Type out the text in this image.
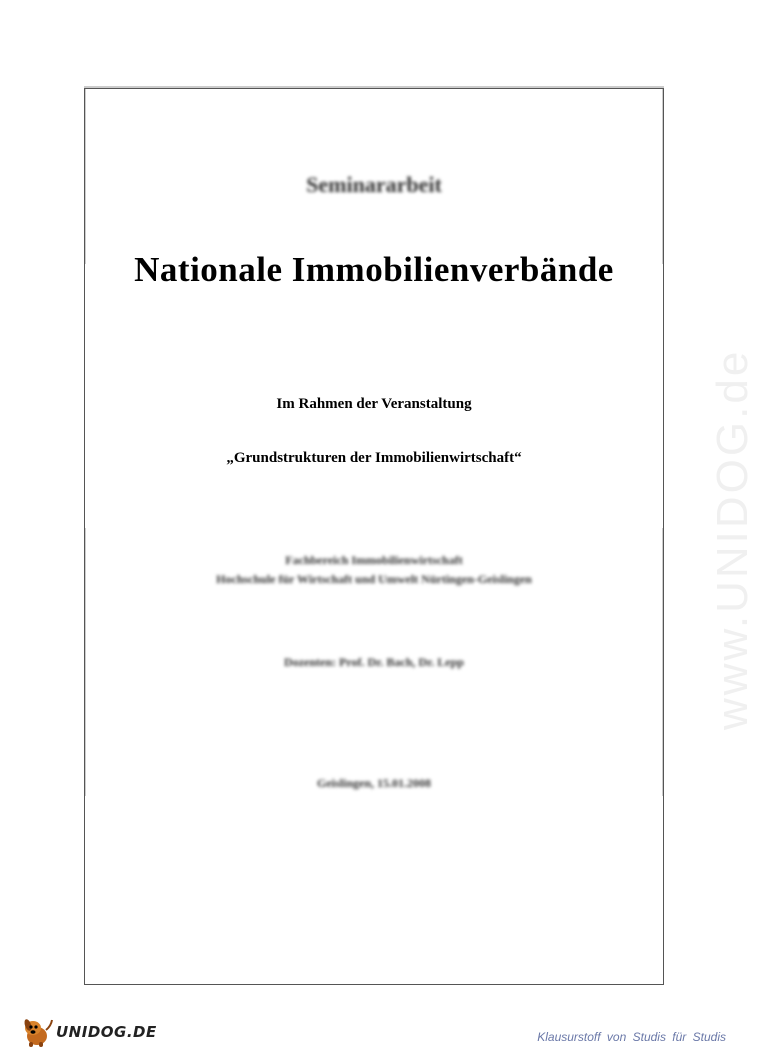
www.UNIDOG.de
Seminararbeit
Nationale Immobilienverbände
Im Rahmen der Veranstaltung
„Grundstrukturen der Immobilienwirtschaft“
Fachbereich Immobilienwirtschaft
Hochschule für Wirtschaft und Umwelt Nürtingen-Geislingen
Dozenten: Prof. Dr. Bach, Dr. Lepp
Geislingen, 15.01.2008
UNIDOG.DE	Klausurstoff von Studis für Studis
